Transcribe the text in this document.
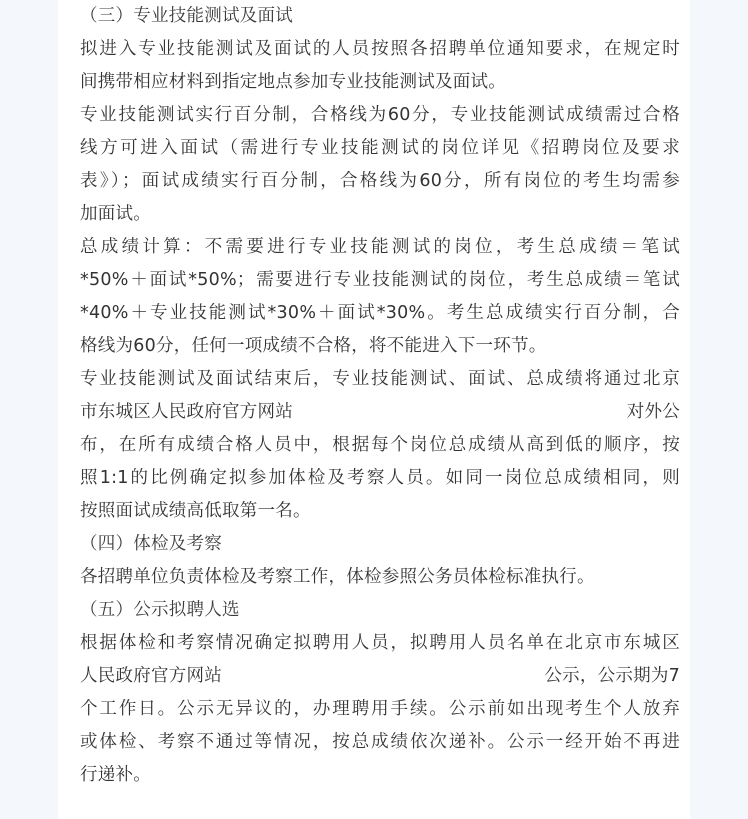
（三）专业技能测试及面试
拟进入专业技能测试及面试的人员按照各招聘单位通知要求，在规定时
间携带相应材料到指定地点参加专业技能测试及面试。
专业技能测试实行百分制，合格线为60分，专业技能测试成绩需过合格
线方可进入面试（需进行专业技能测试的岗位详见《招聘岗位及要求
表》）；面试成绩实行百分制，合格线为60分，所有岗位的考生均需参
加面试。
总成绩计算：不需要进行专业技能测试的岗位，考生总成绩＝笔试
*50%＋面试*50%；需要进行专业技能测试的岗位，考生总成绩＝笔试
*40%＋专业技能测试*30%＋面试*30%。考生总成绩实行百分制，合
格线为60分，任何一项成绩不合格，将不能进入下一环节。
专业技能测试及面试结束后，专业技能测试、面试、总成绩将通过北京
市东城区人民政府官方网站	对外公
布，在所有成绩合格人员中，根据每个岗位总成绩从高到低的顺序，按
照1:1的比例确定拟参加体检及考察人员。如同一岗位总成绩相同，则
按照面试成绩高低取第一名。
（四）体检及考察
各招聘单位负责体检及考察工作，体检参照公务员体检标准执行。
（五）公示拟聘人选
根据体检和考察情况确定拟聘用人员，拟聘用人员名单在北京市东城区
人民政府官方网站	公示，公示期为7
个工作日。公示无异议的，办理聘用手续。公示前如出现考生个人放弃
或体检、考察不通过等情况，按总成绩依次递补。公示一经开始不再进
行递补。
